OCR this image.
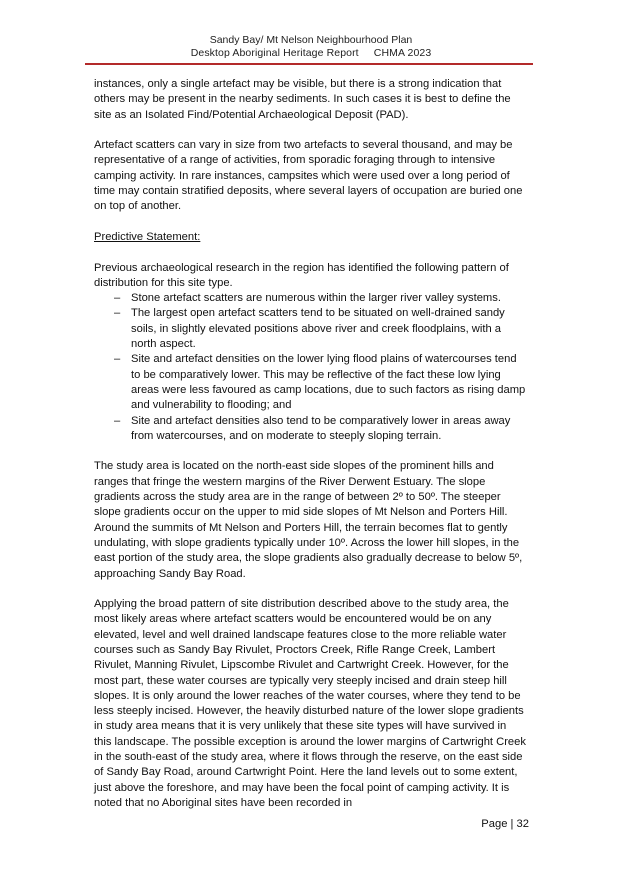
Sandy Bay/ Mt Nelson Neighbourhood Plan
Desktop Aboriginal Heritage Report     CHMA 2023

instances, only a single artefact may be visible, but there is a strong indication that others may be present in the nearby sediments. In such cases it is best to define the site as an Isolated Find/Potential Archaeological Deposit (PAD).

Artefact scatters can vary in size from two artefacts to several thousand, and may be representative of a range of activities, from sporadic foraging through to intensive camping activity. In rare instances, campsites which were used over a long period of time may contain stratified deposits, where several layers of occupation are buried one on top of another.

Predictive Statement:

Previous archaeological research in the region has identified the following pattern of distribution for this site type.

– Stone artefact scatters are numerous within the larger river valley systems.
– The largest open artefact scatters tend to be situated on well-drained sandy soils, in slightly elevated positions above river and creek floodplains, with a north aspect.
– Site and artefact densities on the lower lying flood plains of watercourses tend to be comparatively lower. This may be reflective of the fact these low lying areas were less favoured as camp locations, due to such factors as rising damp and vulnerability to flooding; and
– Site and artefact densities also tend to be comparatively lower in areas away from watercourses, and on moderate to steeply sloping terrain.

The study area is located on the north-east side slopes of the prominent hills and ranges that fringe the western margins of the River Derwent Estuary. The slope gradients across the study area are in the range of between 2º to 50º. The steeper slope gradients occur on the upper to mid side slopes of Mt Nelson and Porters Hill. Around the summits of Mt Nelson and Porters Hill, the terrain becomes flat to gently undulating, with slope gradients typically under 10º. Across the lower hill slopes, in the east portion of the study area, the slope gradients also gradually decrease to below 5º, approaching Sandy Bay Road.

Applying the broad pattern of site distribution described above to the study area, the most likely areas where artefact scatters would be encountered would be on any elevated, level and well drained landscape features close to the more reliable water courses such as Sandy Bay Rivulet, Proctors Creek, Rifle Range Creek, Lambert Rivulet, Manning Rivulet, Lipscombe Rivulet and Cartwright Creek. However, for the most part, these water courses are typically very steeply incised and drain steep hill slopes. It is only around the lower reaches of the water courses, where they tend to be less steeply incised. However, the heavily disturbed nature of the lower slope gradients in study area means that it is very unlikely that these site types will have survived in this landscape. The possible exception is around the lower margins of Cartwright Creek in the south-east of the study area, where it flows through the reserve, on the east side of Sandy Bay Road, around Cartwright Point. Here the land levels out to some extent, just above the foreshore, and may have been the focal point of camping activity. It is noted that no Aboriginal sites have been recorded in

Page | 32
